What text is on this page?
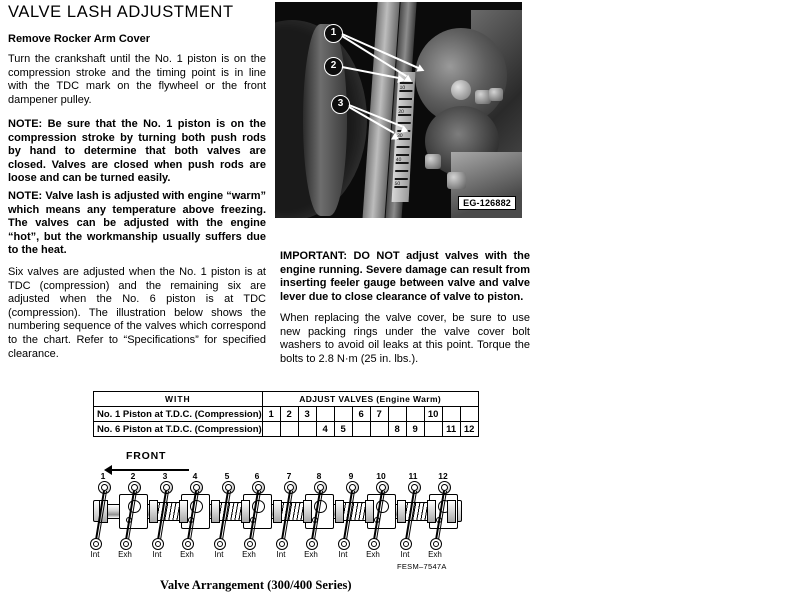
VALVE LASH ADJUSTMENT
Remove Rocker Arm Cover
Turn the crankshaft until the No. 1 piston is on the compression stroke and the timing point is in line with the TDC mark on the flywheel or the front dampener pulley.
NOTE: Be sure that the No. 1 piston is on the compression stroke by turning both push rods by hand to determine that both valves are closed. Valves are closed when push rods are loose and can be turned easily.
NOTE: Valve lash is adjusted with engine “warm” which means any temperature above freezing. The valves can be adjusted with the engine “hot”, but the workmanship usually suffers due to the heat.
Six valves are adjusted when the No. 1 piston is at TDC (compression) and the remaining six are adjusted when the No. 6 piston is at TDC (compression). The illustration below shows the numbering sequence of the valves which correspond to the chart. Refer to “Specifications” for specified clearance.
IMPORTANT: DO NOT adjust valves with the engine running. Severe damage can result from inserting feeler gauge between valve and valve lever due to close clearance of valve to piston.
When replacing the valve cover, be sure to use new packing rings under the valve cover bolt washers to avoid oil leaks at this point. Torque the bolts to 2.8 N·m (25 in. lbs.).
10
20
30
40
50
1
2
3
EG-126882
WITH	ADJUST VALVES (Engine Warm)											
No. 1 Piston at T.D.C. (Compression)	1	2	3			6	7			10		
No. 6 Piston at T.D.C. (Compression)				4	5			8	9		11	12
FRONT
1
Int
2
Exh
3
Int
4
Exh
5
Int
6
Exh
7
Int
8
Exh
9
Int
10
Exh
11
Int
12
Exh
FESM–7547A
Valve Arrangement (300/400 Series)
